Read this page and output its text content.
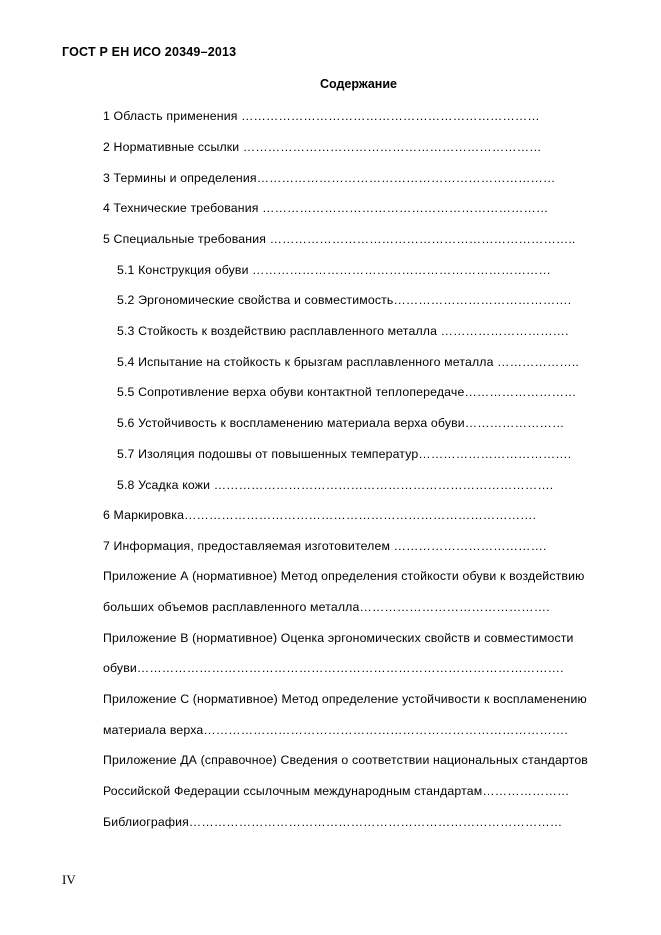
ГОСТ Р ЕН ИСО 20349–2013
Содержание
1 Область применения ………………………………………………………………
2 Нормативные ссылки ………………………………………………………………
3 Термины и определения………………………………………………………………
4 Технические требования ……………………………………………………………
5 Специальные требования ………………………………………………………………..
5.1 Конструкция обуви ………………………………………………………………
5.2 Эргономические свойства и совместимость…………………………………….
5.3 Стойкость к воздействию расплавленного металла ………………………….
5.4 Испытание на стойкость к брызгам расплавленного металла ………………..
5.5 Сопротивление верха обуви контактной теплопередаче………………………
5.6 Устойчивость к воспламенению материала верха обуви……………………
5.7 Изоляция подошвы от повышенных температур……………………………….
5.8 Усадка кожи ……………………………………………………………………….
6 Маркировка………………………………………………………………………….
7 Информация, предоставляемая изготовителем ……………………………….
Приложение А (нормативное) Метод определения стойкости обуви к воздействию
больших объемов расплавленного металла……………………………………….
Приложение В (нормативное) Оценка эргономических свойств и совместимости
обуви………………………………………………………………………………………….
Приложение С (нормативное) Метод определение устойчивости к воспламенению
материала верха…………………………………………………………………………….
Приложение ДА (справочное) Сведения о соответствии национальных стандартов
Российской Федерации ссылочным международным стандартам…………………
Библиография………………………………………………………………………………
IV
